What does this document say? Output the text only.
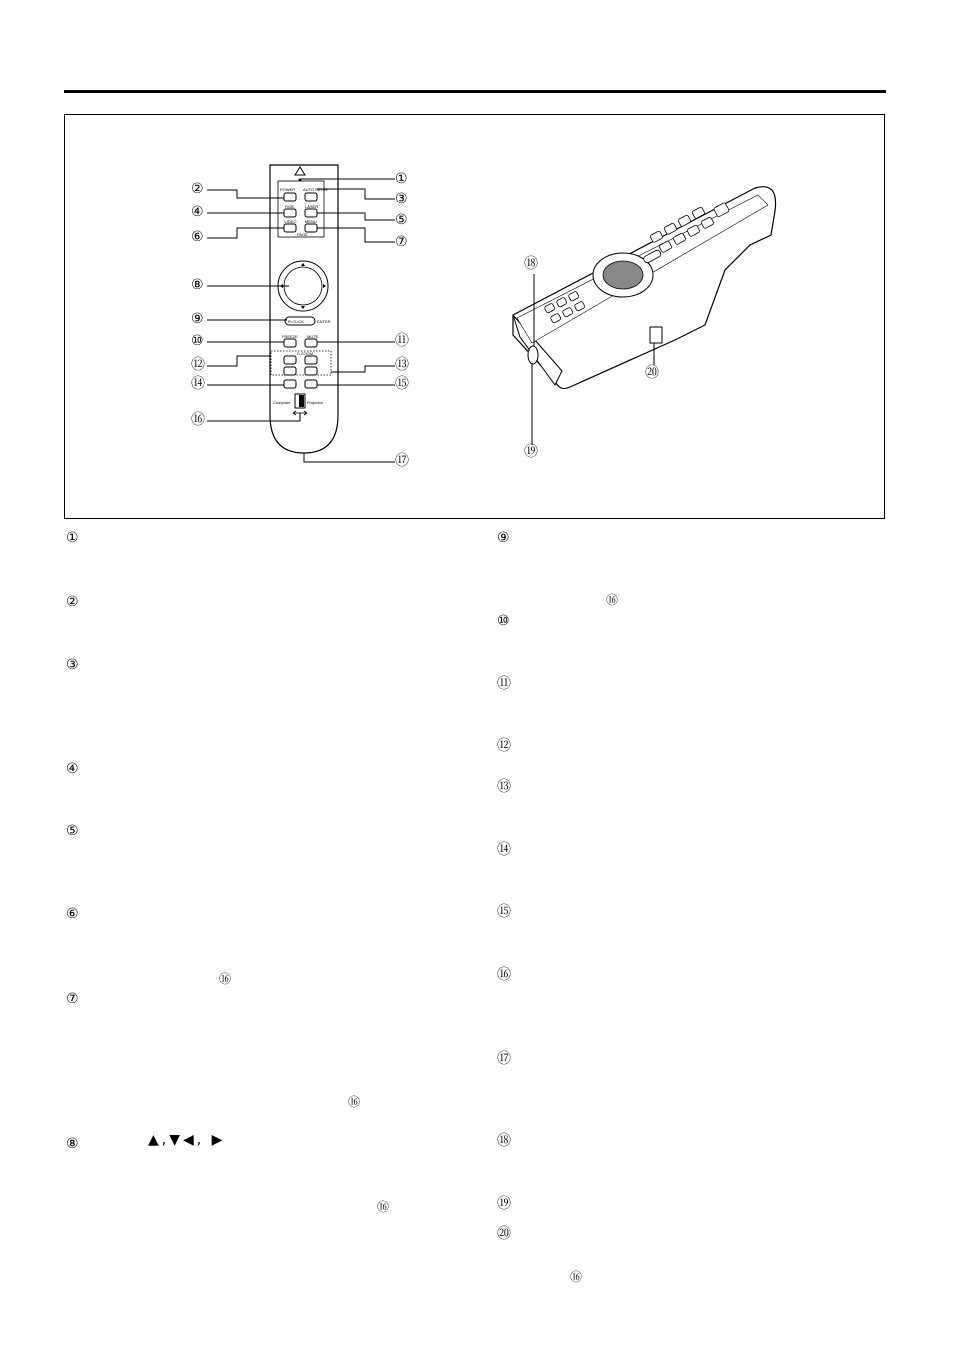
POWER AUTO SETUP
RGB	LASER
VIDEO MENU
PAGE
R-CLICK	ENTER
FREEZE MUTE
D.ZOOM
Computer	Projector
①
②
③
④	⑤
⑥	⑦
⑧
⑨
⑩	⑪
⑫	⑬
⑭	⑮
⑯
⑰
⑱
⑲
⑳
①
②
③
④
⑤
⑥
⑦
⑧
⑯
⑯
⑯
▲,▼◀, ▶
⑨
⑩
⑪
⑫
⑬
⑭
⑮
⑯
⑰
⑱
⑲
⑳
⑯
⑯
